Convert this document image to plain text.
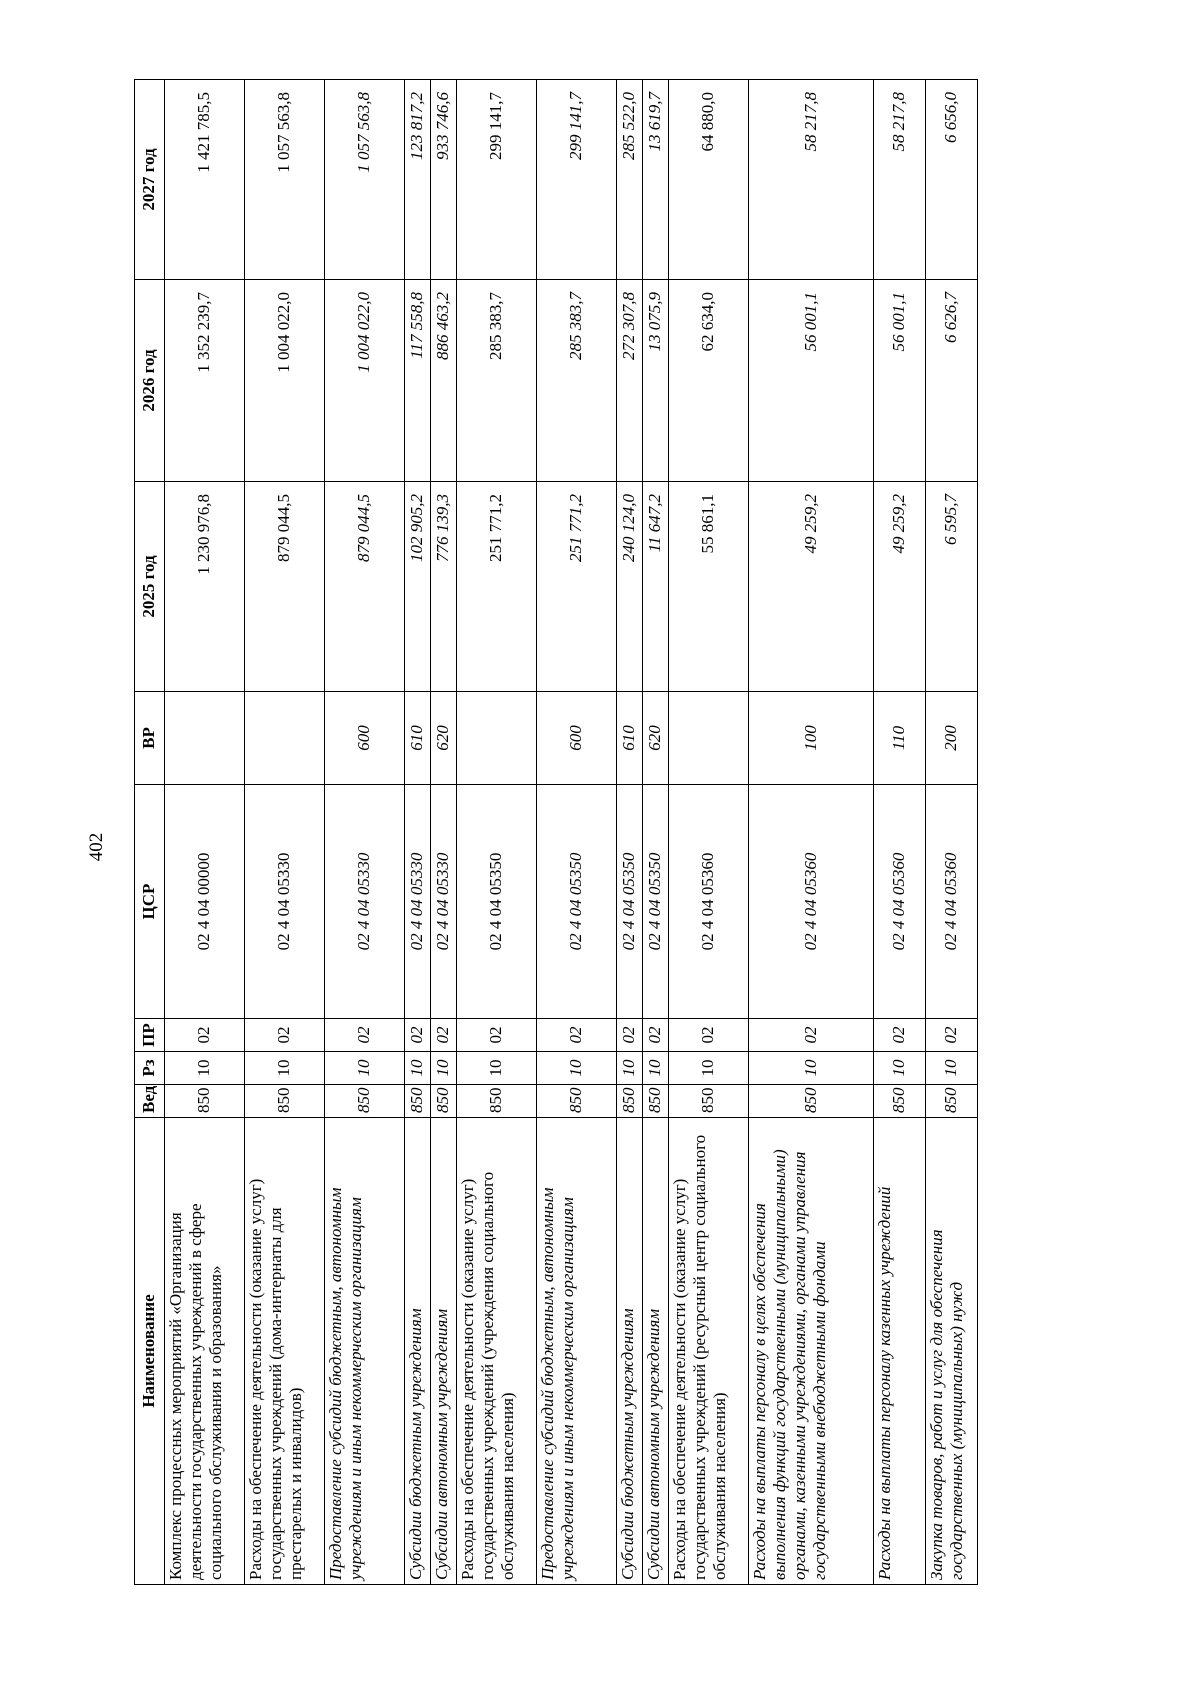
402
Наименование	Вед	Рз	ПР	ЦСР	ВР	2025 год	2026 год	2027 год
Комплекс процессных мероприятий «Организация деятельности государственных учреждений в сфере социального обслуживания и образования»	850	10	02	02 4 04 00000		1 230 976,8	1 352 239,7	1 421 785,5
Расходы на обеспечение деятельности (оказание услуг) государственных учреждений (дома-интернаты для престарелых и инвалидов)	850	10	02	02 4 04 05330		879 044,5	1 004 022,0	1 057 563,8
Предоставление субсидий бюджетным, автономным учреждениям и иным некоммерческим организациям	850	10	02	02 4 04 05330	600	879 044,5	1 004 022,0	1 057 563,8
Субсидии бюджетным учреждениям	850	10	02	02 4 04 05330	610	102 905,2	117 558,8	123 817,2
Субсидии автономным учреждениям	850	10	02	02 4 04 05330	620	776 139,3	886 463,2	933 746,6
Расходы на обеспечение деятельности (оказание услуг) государственных учреждений (учреждения социального обслуживания населения)	850	10	02	02 4 04 05350		251 771,2	285 383,7	299 141,7
Предоставление субсидий бюджетным, автономным учреждениям и иным некоммерческим организациям	850	10	02	02 4 04 05350	600	251 771,2	285 383,7	299 141,7
Субсидии бюджетным учреждениям	850	10	02	02 4 04 05350	610	240 124,0	272 307,8	285 522,0
Субсидии автономным учреждениям	850	10	02	02 4 04 05350	620	11 647,2	13 075,9	13 619,7
Расходы на обеспечение деятельности (оказание услуг) государственных учреждений (ресурсный центр социального обслуживания населения)	850	10	02	02 4 04 05360		55 861,1	62 634,0	64 880,0
Расходы на выплаты персоналу в целях обеспечения выполнения функций государственными (муниципальными) органами, казенными учреждениями, органами управления государственными внебюджетными фондами	850	10	02	02 4 04 05360	100	49 259,2	56 001,1	58 217,8
Расходы на выплаты персоналу казенных учреждений	850	10	02	02 4 04 05360	110	49 259,2	56 001,1	58 217,8
Закупка товаров, работ и услуг для обеспечения государственных (муниципальных) нужд	850	10	02	02 4 04 05360	200	6 595,7	6 626,7	6 656,0
